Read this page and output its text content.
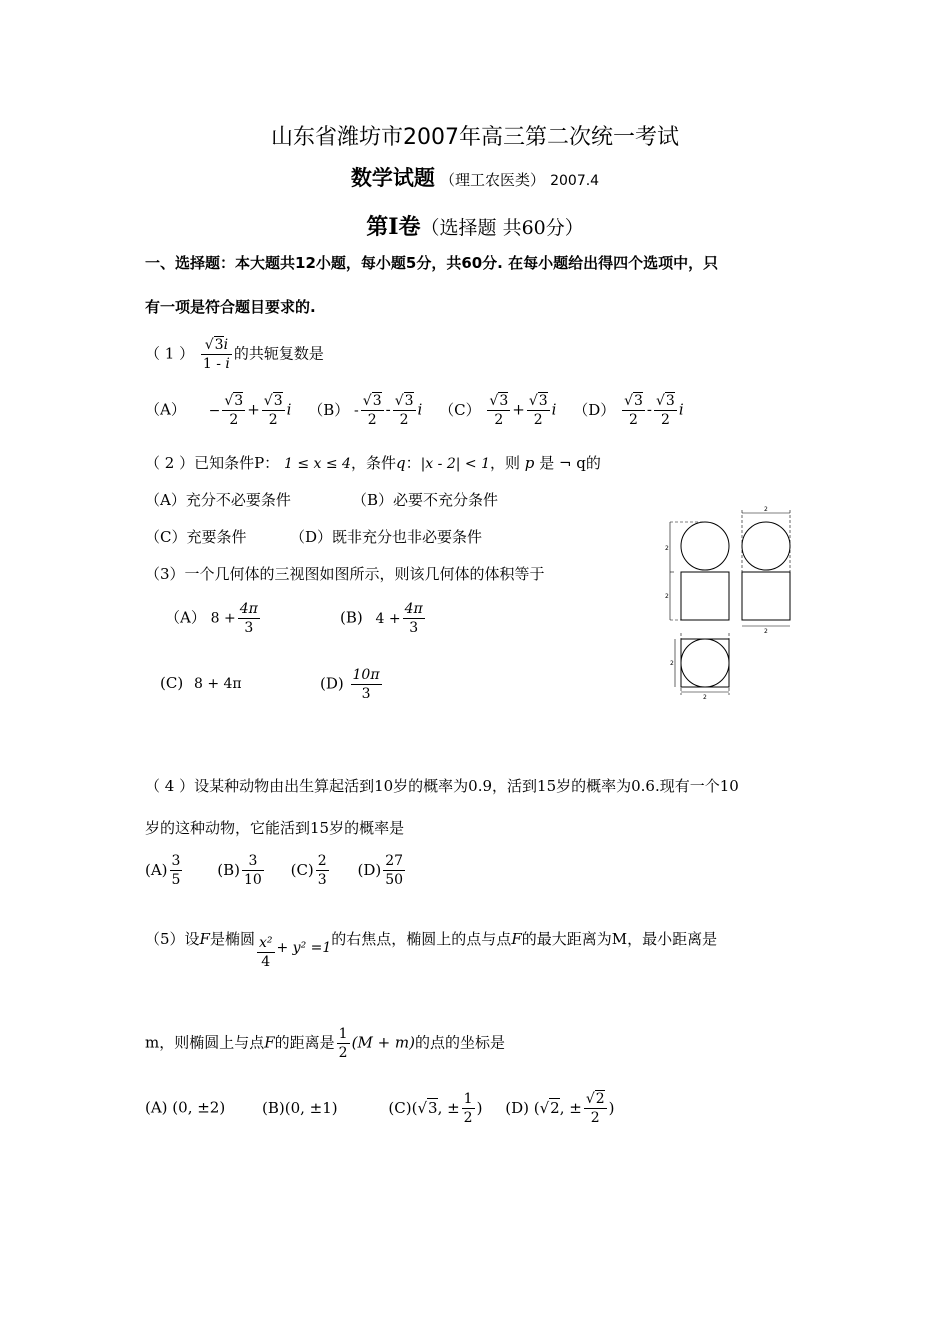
山东省潍坊市2007年高三第二次统一考试
数学试题 （理工农医类） 2007.4
第I卷（选择题 共60分）
一、选择题：本大题共12小题，每小题5分，共60分. 在每小题给出得四个选项中，只
有一项是符合题目要求的.
（ 1 ） $\frac{√3i}{1 - i}$ 的共轭复数是
$(A) - \frac{√3}{2} + \frac{√3}{2}$ i $(B) - \frac{√3}{2} - \frac{√3}{2}$ i $(C) \frac{√3}{2} + \frac{√3}{2}$ i $(D) \frac{√3}{2} - \frac{√3}{2}$ i
（ 2 ）已知条件P： 1 ≤ x ≤ 4，条件q：|x - 2| < 1，则 p 是 ¬ q的
（A）充分不必要条件	（B）必要不充分条件
（C）充要条件	（D）既非充分也非必要条件
（3）一个几何体的三视图如图所示，则该几何体的体积等于
（A） $8 + \frac{4\pi}{3}$	(B) $4 + \frac{4\pi}{3}$
(C) 8 + 4π	$(D) \frac{10\pi}{3}$
2
2
2
2
2
2
（ 4 ）设某种动物由出生算起活到10岁的概率为0.9，活到15岁的概率为0.6.现有一个10
岁的这种动物，它能活到15岁的概率是
$(A) \frac{3}{5} (B) \frac{3}{10} (C) \frac{2}{3} (D) \frac{27}{50}$
（5）设F是椭圆 $\frac{\text{x²}}{4} + y^2 =1$的右焦点，椭圆上的点与点F的最大距离为M，最小距离是
m，则椭圆上与点F的距离是 $\frac{1}{2} (M + m)$的点的坐标是
(A) (0, ±2) (B)(0, ±1)	(C)(√3, ± $\frac{1}{2}$ ) (D) (√2, ± $\frac{√2}{2}$ )
